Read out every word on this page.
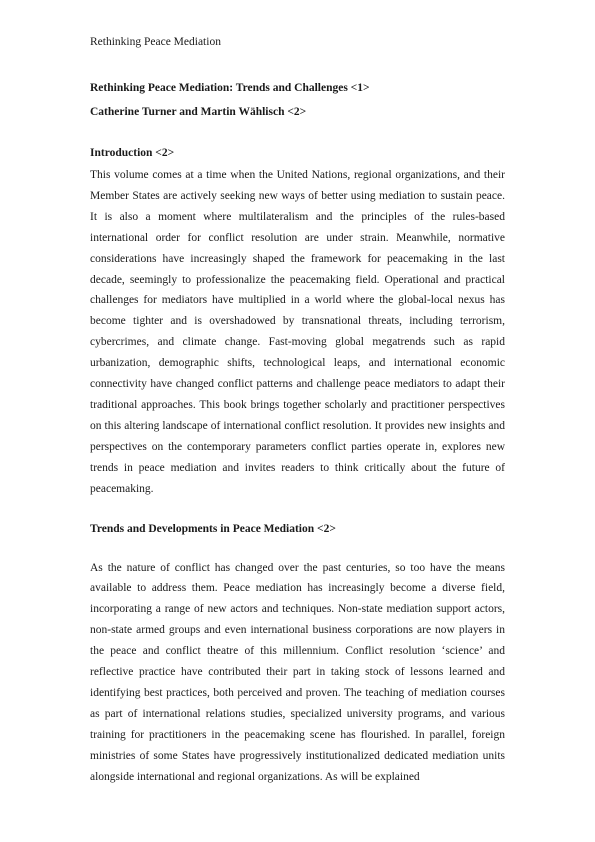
Rethinking Peace Mediation

Rethinking Peace Mediation: Trends and Challenges <1>

Catherine Turner and Martin Wählisch <2>

Introduction <2>

This volume comes at a time when the United Nations, regional organizations, and their Member States are actively seeking new ways of better using mediation to sustain peace. It is also a moment where multilateralism and the principles of the rules-based international order for conflict resolution are under strain. Meanwhile, normative considerations have increasingly shaped the framework for peacemaking in the last decade, seemingly to professionalize the peacemaking field. Operational and practical challenges for mediators have multiplied in a world where the global-local nexus has become tighter and is overshadowed by transnational threats, including terrorism, cybercrimes, and climate change. Fast-moving global megatrends such as rapid urbanization, demographic shifts, technological leaps, and international economic connectivity have changed conflict patterns and challenge peace mediators to adapt their traditional approaches. This book brings together scholarly and practitioner perspectives on this altering landscape of international conflict resolution. It provides new insights and perspectives on the contemporary parameters conflict parties operate in, explores new trends in peace mediation and invites readers to think critically about the future of peacemaking.

Trends and Developments in Peace Mediation <2>

As the nature of conflict has changed over the past centuries, so too have the means available to address them. Peace mediation has increasingly become a diverse field, incorporating a range of new actors and techniques. Non-state mediation support actors, non-state armed groups and even international business corporations are now players in the peace and conflict theatre of this millennium. Conflict resolution ‘science’ and reflective practice have contributed their part in taking stock of lessons learned and identifying best practices, both perceived and proven. The teaching of mediation courses as part of international relations studies, specialized university programs, and various training for practitioners in the peacemaking scene has flourished. In parallel, foreign ministries of some States have progressively institutionalized dedicated mediation units alongside international and regional organizations. As will be explained
